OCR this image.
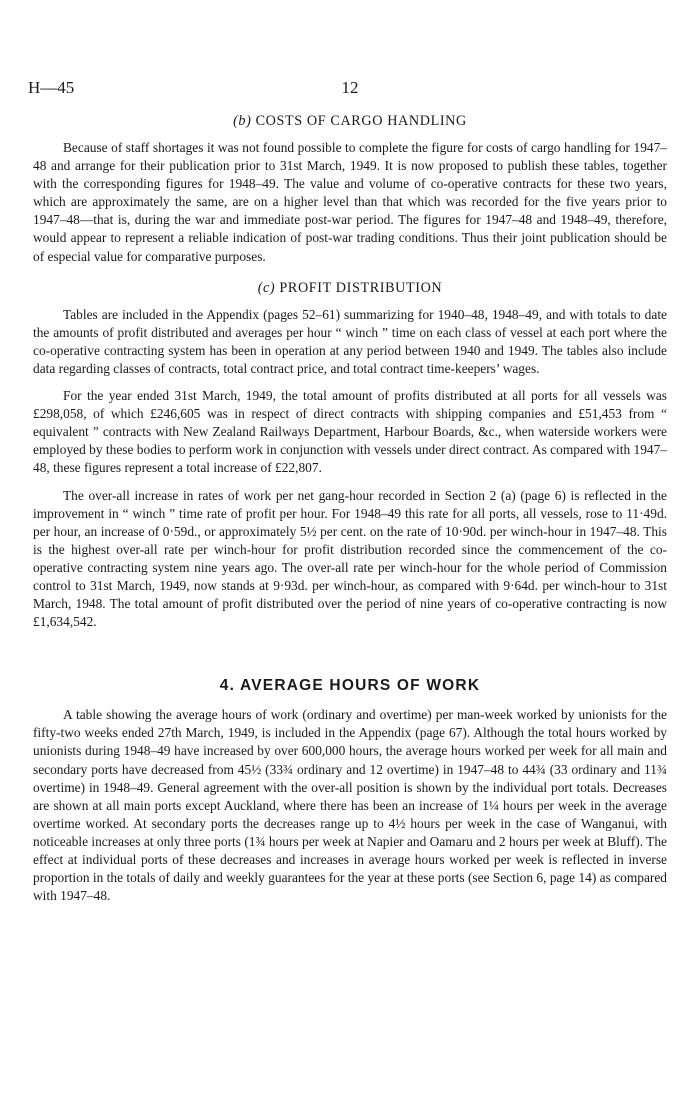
H—45	12
(b) COSTS OF CARGO HANDLING

Because of staff shortages it was not found possible to complete the figure for costs of cargo handling for 1947–48 and arrange for their publication prior to 31st March, 1949. It is now proposed to publish these tables, together with the corresponding figures for 1948–49. The value and volume of co-operative contracts for these two years, which are approximately the same, are on a higher level than that which was recorded for the five years prior to 1947–48—that is, during the war and immediate post-war period. The figures for 1947–48 and 1948–49, therefore, would appear to represent a reliable indication of post-war trading conditions. Thus their joint publication should be of especial value for comparative purposes.

(c) PROFIT DISTRIBUTION

Tables are included in the Appendix (pages 52–61) summarizing for 1940–48, 1948–49, and with totals to date the amounts of profit distributed and averages per hour “ winch ” time on each class of vessel at each port where the co-operative contracting system has been in operation at any period between 1940 and 1949. The tables also include data regarding classes of contracts, total contract price, and total contract time-keepers’ wages.

For the year ended 31st March, 1949, the total amount of profits distributed at all ports for all vessels was £298,058, of which £246,605 was in respect of direct contracts with shipping companies and £51,453 from “ equivalent ” contracts with New Zealand Railways Department, Harbour Boards, &c., when waterside workers were employed by these bodies to perform work in conjunction with vessels under direct contract. As compared with 1947–48, these figures represent a total increase of £22,807.

The over-all increase in rates of work per net gang-hour recorded in Section 2 (a) (page 6) is reflected in the improvement in “ winch ” time rate of profit per hour. For 1948–49 this rate for all ports, all vessels, rose to 11·49d. per hour, an increase of 0·59d., or approximately 5½ per cent. on the rate of 10·90d. per winch-hour in 1947–48. This is the highest over-all rate per winch-hour for profit distribution recorded since the commencement of the co-operative contracting system nine years ago. The over-all rate per winch-hour for the whole period of Commission control to 31st March, 1949, now stands at 9·93d. per winch-hour, as compared with 9·64d. per winch-hour to 31st March, 1948. The total amount of profit distributed over the period of nine years of co-operative contracting is now £1,634,542.

4. AVERAGE HOURS OF WORK

A table showing the average hours of work (ordinary and overtime) per man-week worked by unionists for the fifty-two weeks ended 27th March, 1949, is included in the Appendix (page 67). Although the total hours worked by unionists during 1948–49 have increased by over 600,000 hours, the average hours worked per week for all main and secondary ports have decreased from 45½ (33¾ ordinary and 12 overtime) in 1947–48 to 44¾ (33 ordinary and 11¾ overtime) in 1948–49. General agreement with the over-all position is shown by the individual port totals. Decreases are shown at all main ports except Auckland, where there has been an increase of 1¼ hours per week in the average overtime worked. At secondary ports the decreases range up to 4½ hours per week in the case of Wanganui, with noticeable increases at only three ports (1¾ hours per week at Napier and Oamaru and 2 hours per week at Bluff). The effect at individual ports of these decreases and increases in average hours worked per week is reflected in inverse proportion in the totals of daily and weekly guarantees for the year at these ports (see Section 6, page 14) as compared with 1947–48.
